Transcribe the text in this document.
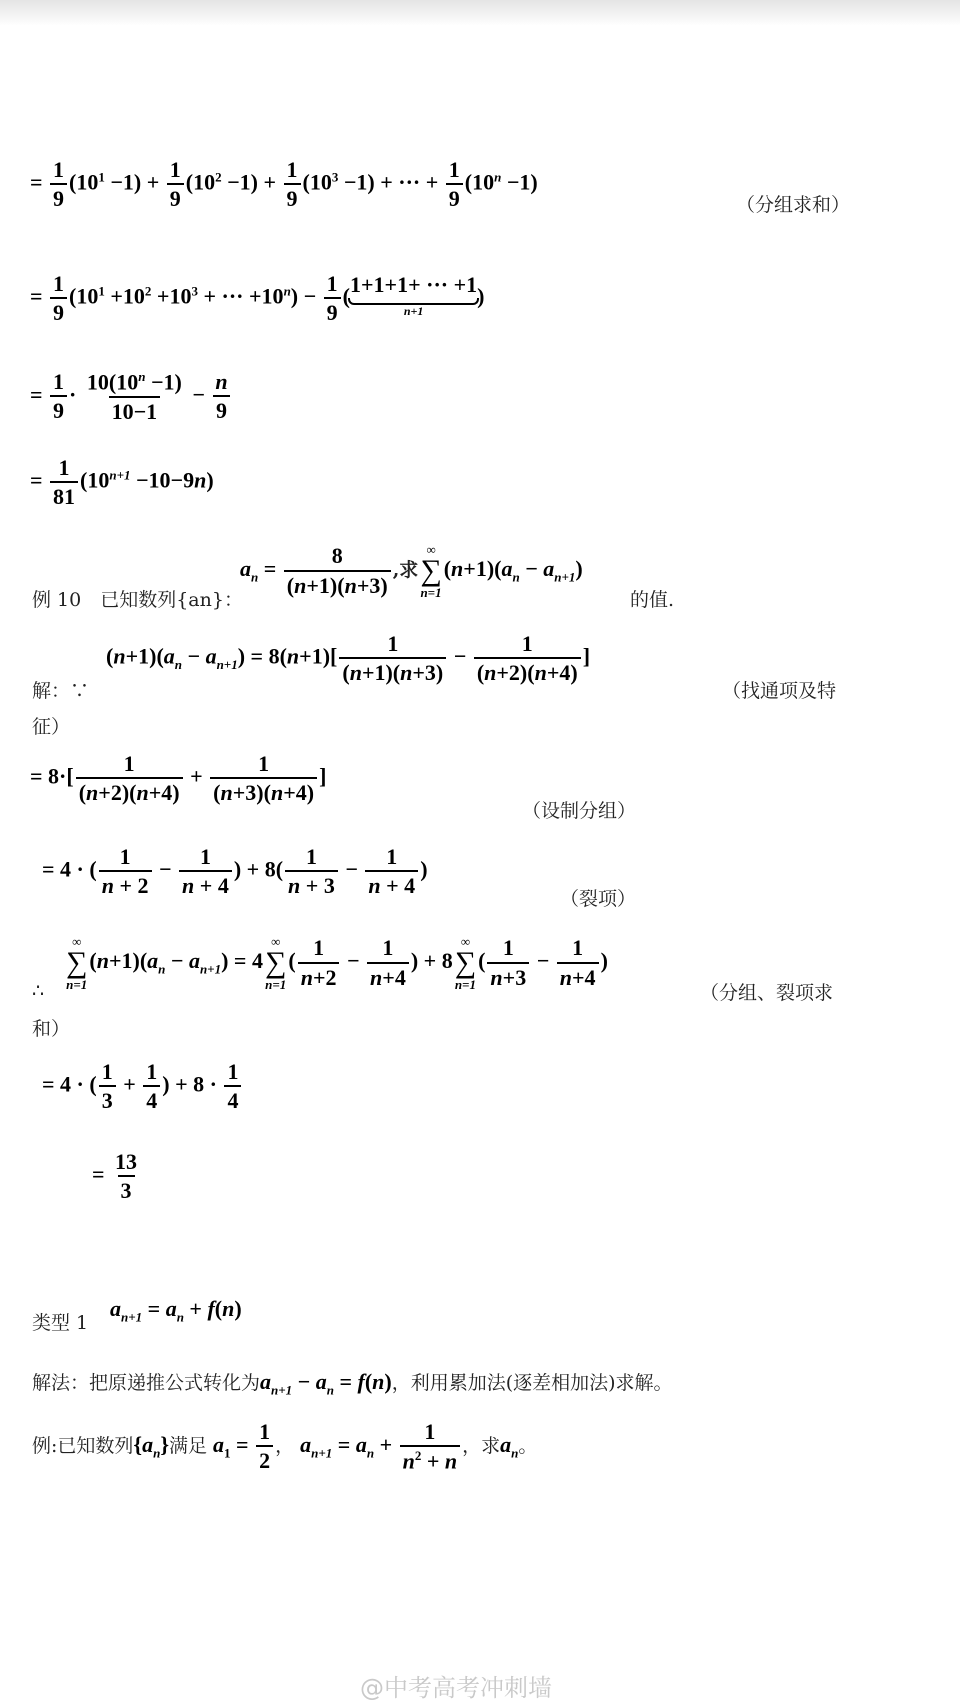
= $\frac{1}{9} (10^1 -1) + \frac{1}{9} (10^2 -1) + \frac{1}{9} (10^3 -1)$ + ··· + $\frac{1}{9} (10^n -1)$
（分组求和）
= $\frac{1}{9} (10^1 +10^2 +10^3$ + ··· $+10^n) - \frac{1}{9}$ ( 1+1+1+ ··· +1
n+1
)
= $\frac{1}{9} \cdot \frac{10(10^n -1)}{10-1} - \frac{n}{9}$
= $\frac{1}{81} (10^{n+1} -10-9n)$
例 10　已知数列{an}：
$a_n = \frac{8}{(n+1)(n+3)}$ ,求
∞
∑
n=1
$(n+1)(a_n - a_{n+1})$
的值.
解：∵
$(n+1)(a_n - a_{n+1}) = 8(n+1)[ \frac{1}{(n+1)(n+3)} - \frac{1}{(n+2)(n+4)}$ ]
（找通项及特
征）
= $8\cdot[ \frac{1}{(n+2)(n+4)} + \frac{1}{(n+3)(n+4)}$ ]
（设制分组）
= 4 · ( $\frac{1}{n + 2} - \frac{1}{n + 4}$ ) + $8( \frac{1}{n + 3} - \frac{1}{n + 4}$ )
（裂项）
∴
∞
∑
n=1
$(n+1)(a_n - a_{n+1}) = 4$
∞
∑
n=1
( $\frac{1}{n+2} - \frac{1}{n+4}$ ) + 8
∞
∑
n=1
( $\frac{1}{n+3} - \frac{1}{n+4}$ )
（分组、裂项求
和）
= 4 · ( $\frac{1}{3} + \frac{1}{4}$ ) + $8 \cdot \frac{1}{4}$
= $\frac{13}{3}$
类型 1
$a_{n+1} = a_n + f(n)$
解法：把原递推公式转化为$a_{n+1} - a_n = f(n)$，利用累加法(逐差相加法)求解。
例:已知数列$\{a_n\}$满足 $a_1 = \frac{1}{2}$ ， $a_{n+1} = a_n + \frac{1}{n^2 + n}$ ，求$a_n$。
@中考高考冲刺墙
